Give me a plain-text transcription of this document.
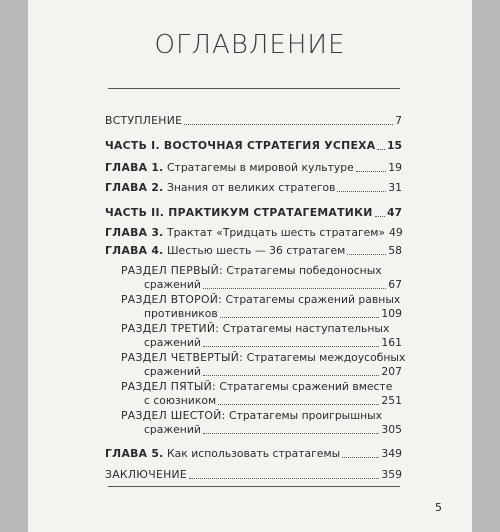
ОГЛАВЛЕНИЕ
ВСТУПЛЕНИЕ	7
ЧАСТЬ I. ВОСТОЧНАЯ СТРАТЕГИЯ УСПЕХА 15
ГЛАВА 1. Стратагемы в мировой культуре	19
ГЛАВА 2. Знания от великих стратегов	31
ЧАСТЬ II. ПРАКТИКУМ СТРАТАГЕМАТИКИ 47
ГЛАВА 3. Трактат «Тридцать шесть стратагем» 49
ГЛАВА 4. Шестью шесть — 36 стратагем	58
РАЗДЕЛ ПЕРВЫЙ: Стратагемы победоносных
сражений	67
РАЗДЕЛ ВТОРОЙ: Стратагемы сражений равных
противников	109
РАЗДЕЛ ТРЕТИЙ: Стратагемы наступательных
сражений	161
РАЗДЕЛ ЧЕТВЕРТЫЙ: Стратагемы междоусобных
сражений	207
РАЗДЕЛ ПЯТЫЙ: Стратагемы сражений вместе
с союзником	251
РАЗДЕЛ ШЕСТОЙ: Стратагемы проигрышных
сражений	305
ГЛАВА 5. Как использовать стратагемы	349
ЗАКЛЮЧЕНИЕ	359
5
